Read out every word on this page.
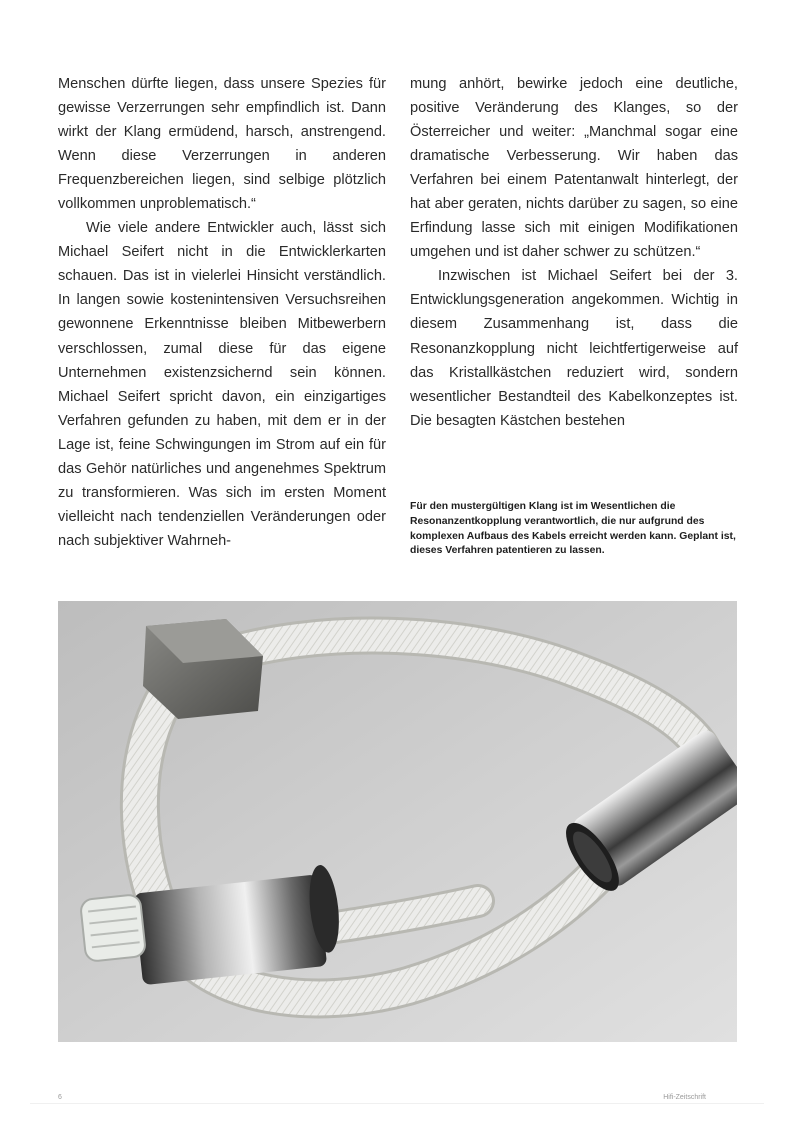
Menschen dürfte liegen, dass unsere Spezies für gewisse Verzerrungen sehr empfindlich ist. Dann wirkt der Klang ermüdend, harsch, anstrengend. Wenn diese Verzerrungen in anderen Frequenzbereichen liegen, sind selbige plötzlich vollkommen unproblematisch.“

Wie viele andere Entwickler auch, lässt sich Michael Seifert nicht in die Entwicklerkarten schauen. Das ist in vielerlei Hinsicht verständlich. In langen sowie kostenintensiven Versuchsreihen gewonnene Erkenntnisse bleiben Mitbewerbern verschlossen, zumal diese für das eigene Unternehmen existenzsichernd sein können. Michael Seifert spricht davon, ein einzigartiges Verfahren gefunden zu haben, mit dem er in der Lage ist, feine Schwingungen im Strom auf ein für das Gehör natürliches und angenehmes Spektrum zu transformieren. Was sich im ersten Moment vielleicht nach tendenziellen Veränderungen oder nach subjektiver Wahrneh-

mung anhört, bewirke jedoch eine deutliche, positive Veränderung des Klanges, so der Österreicher und weiter: „Manchmal sogar eine dramatische Verbesserung. Wir haben das Verfahren bei einem Patentanwalt hinterlegt, der hat aber geraten, nichts darüber zu sagen, so eine Erfindung lasse sich mit einigen Modifikationen umgehen und ist daher schwer zu schützen.“

Inzwischen ist Michael Seifert bei der 3. Entwicklungsgeneration angekommen. Wichtig in diesem Zusammenhang ist, dass die Resonanzkopplung nicht leichtfertigerweise auf das Kristallkästchen reduziert wird, sondern wesentlicher Bestandteil des Kabelkonzeptes ist. Die besagten Kästchen bestehen

Für den mustergültigen Klang ist im Wesentlichen die Resonanzentkopplung verantwortlich, die nur aufgrund des komplexen Aufbaus des Kabels erreicht werden kann. Geplant ist, dieses Verfahren patentieren zu lassen.
6	Hifi-Zeitschrift
